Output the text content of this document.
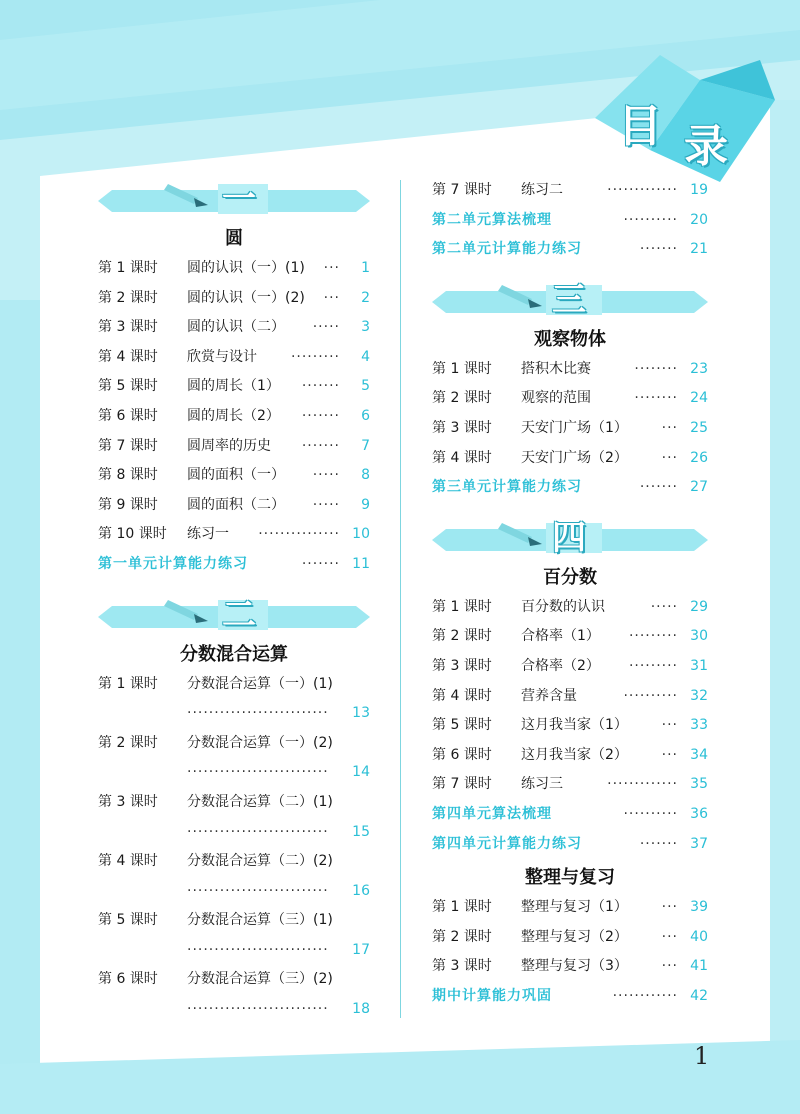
目 录
一
圆
第 1 课时 圆的认识（一）(1) ··· 1
第 2 课时 圆的认识（一）(2) ··· 2
第 3 课时 圆的认识（二） ····· 3
第 4 课时 欣赏与设计 ········· 4
第 5 课时 圆的周长（1） ······· 5
第 6 课时 圆的周长（2） ······· 6
第 7 课时 圆周率的历史 ······· 7
第 8 课时 圆的面积（一） ····· 8
第 9 课时 圆的面积（二） ····· 9
第 10 课时 练习一 ··············· 10
第一单元计算能力练习	······· 11
二
分数混合运算
第 1 课时 分数混合运算（一）(1)
·························· 13
第 2 课时 分数混合运算（一）(2)
·························· 14
第 3 课时 分数混合运算（二）(1)
·························· 15
第 4 课时 分数混合运算（二）(2)
·························· 16
第 5 课时 分数混合运算（三）(1)
·························· 17
第 6 课时 分数混合运算（三）(2)
·························· 18
第 7 课时 练习二	············· 19
第二单元算法梳理	·········· 20
第二单元计算能力练习	······· 21
三
观察物体
第 1 课时 搭积木比赛	········ 23
第 2 课时 观察的范围	········ 24
第 3 课时 天安门广场（1） ··· 25
第 4 课时 天安门广场（2） ··· 26
第三单元计算能力练习	······· 27
四
百分数
第 1 课时 百分数的认识	····· 29
第 2 课时 合格率（1） ········· 30
第 3 课时 合格率（2） ········· 31
第 4 课时 营养含量	·········· 32
第 5 课时 这月我当家（1） ··· 33
第 6 课时 这月我当家（2） ··· 34
第 7 课时 练习三	············· 35
第四单元算法梳理	·········· 36
第四单元计算能力练习	······· 37
整理与复习
第 1 课时 整理与复习（1） ··· 39
第 2 课时 整理与复习（2） ··· 40
第 3 课时 整理与复习（3） ··· 41
期中计算能力巩固	············ 42
1
